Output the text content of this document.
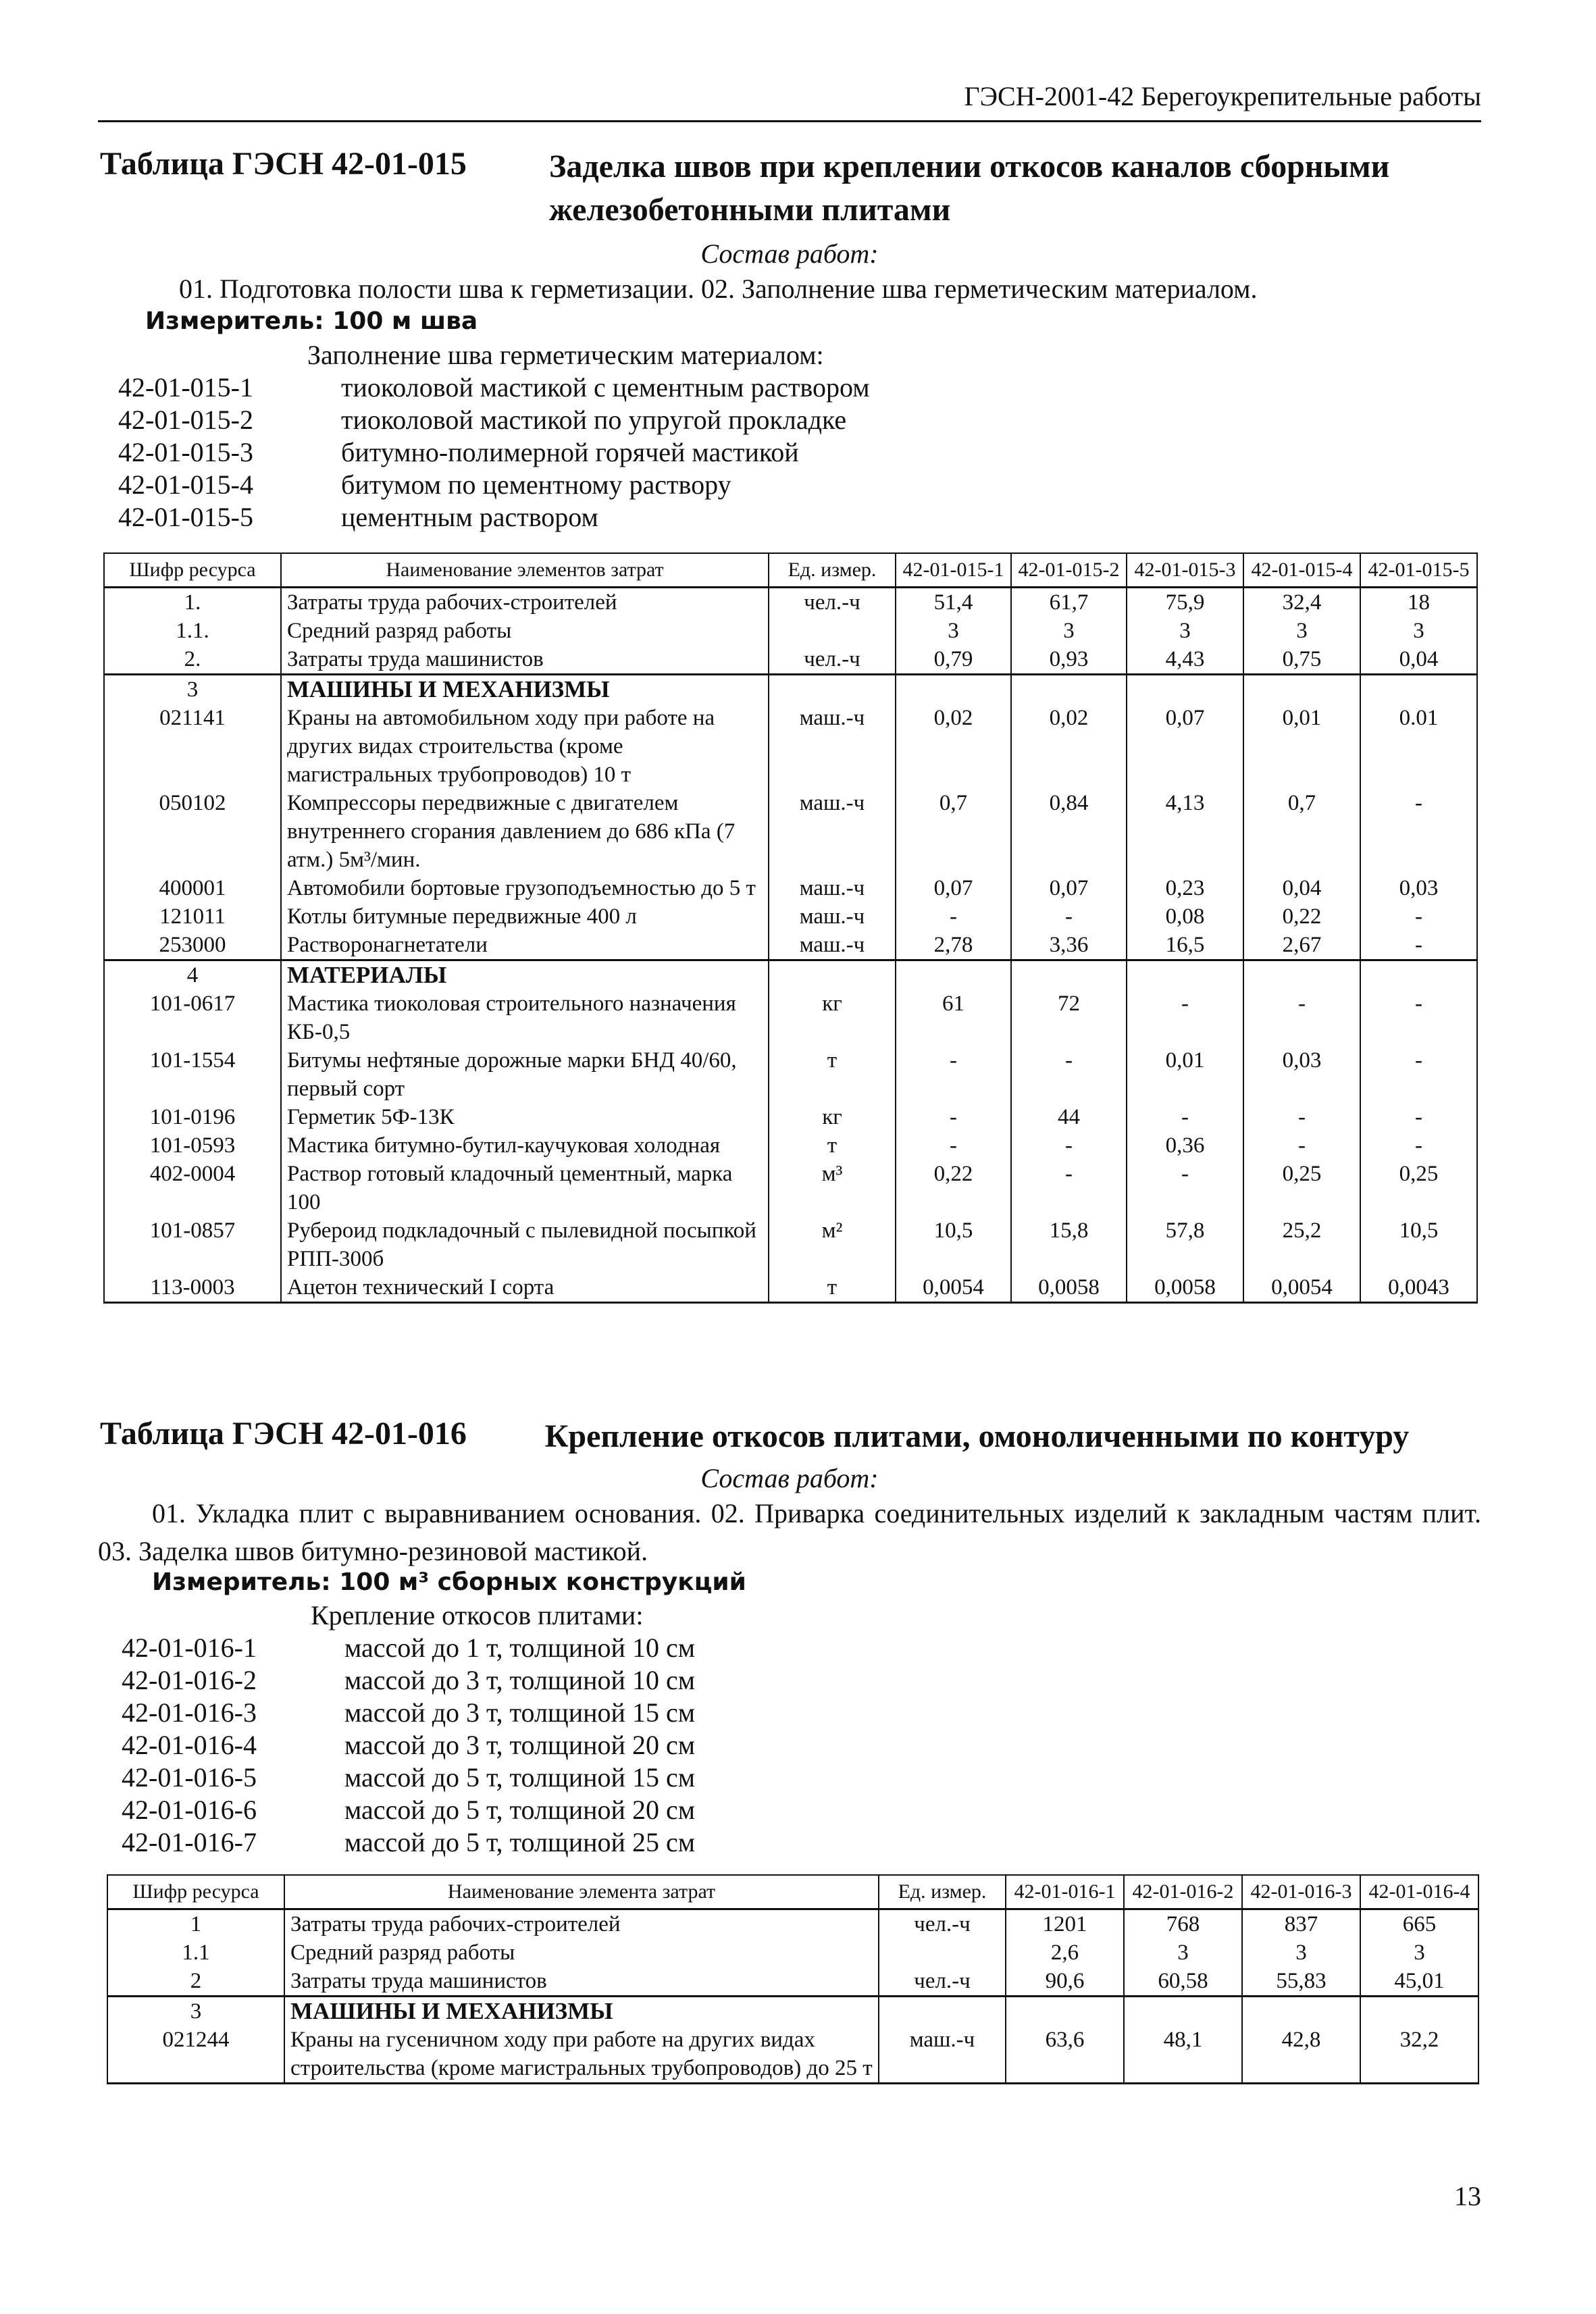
ГЭСН-2001-42 Берегоукрепительные работы
Таблица ГЭСН 42-01-015	Заделка швов при креплении откосов каналов сборными железобетонными плитами
Состав работ:
01. Подготовка полости шва к герметизации. 02. Заполнение шва герметическим материалом.
Измеритель: 100 м шва
Заполнение шва герметическим материалом:
42-01-015-1	тиоколовой мастикой с цементным раствором
42-01-015-2	тиоколовой мастикой по упругой прокладке
42-01-015-3	битумно-полимерной горячей мастикой
42-01-015-4	битумом по цементному раствору
42-01-015-5	цементным раствором
Шифр ресурса	Наименование элементов затрат	Ед. измер.	42-01-015-1	42-01-015-2	42-01-015-3	42-01-015-4	42-01-015-5
1.	Затраты труда рабочих-строителей	чел.-ч	51,4	61,7	75,9	32,4	18
1.1.	Средний разряд работы		3	3	3	3	3
2.	Затраты труда машинистов	чел.-ч	0,79	0,93	4,43	0,75	0,04
3	МАШИНЫ И МЕХАНИЗМЫ						
021141	Краны на автомобильном ходу при работе на других видах строительства (кроме магистральных трубопроводов) 10 т	маш.-ч	0,02	0,02	0,07	0,01	0.01
050102	Компрессоры передвижные с двигателем внутреннего сгорания давлением до 686 кПа (7 атм.) 5м³/мин.	маш.-ч	0,7	0,84	4,13	0,7	-
400001	Автомобили бортовые грузоподъемностью до 5 т	маш.-ч	0,07	0,07	0,23	0,04	0,03
121011	Котлы битумные передвижные 400 л	маш.-ч	-	-	0,08	0,22	-
253000	Растворонагнетатели	маш.-ч	2,78	3,36	16,5	2,67	-
4	МАТЕРИАЛЫ						
101-0617	Мастика тиоколовая строительного назначения КБ-0,5	кг	61	72	-	-	-
101-1554	Битумы нефтяные дорожные марки БНД 40/60, первый сорт	т	-	-	0,01	0,03	-
101-0196	Герметик 5Ф-13К	кг	-	44	-	-	-
101-0593	Мастика битумно-бутил-каучуковая холодная	т	-	-	0,36	-	-
402-0004	Раствор готовый кладочный цементный, марка 100	м³	0,22	-	-	0,25	0,25
101-0857	Рубероид подкладочный с пылевидной посыпкой РПП-300б	м²	10,5	15,8	57,8	25,2	10,5
113-0003	Ацетон технический I сорта	т	0,0054	0,0058	0,0058	0,0054	0,0043
Таблица ГЭСН 42-01-016	Крепление откосов плитами, омоноличенными по контуру
Состав работ:
01. Укладка плит с выравниванием основания. 02. Приварка соединительных изделий к закладным частям плит. 03. Заделка швов битумно-резиновой мастикой.
Измеритель: 100 м³ сборных конструкций
Крепление откосов плитами:
42-01-016-1	массой до 1 т, толщиной 10 см
42-01-016-2	массой до 3 т, толщиной 10 см
42-01-016-3	массой до 3 т, толщиной 15 см
42-01-016-4	массой до 3 т, толщиной 20 см
42-01-016-5	массой до 5 т, толщиной 15 см
42-01-016-6	массой до 5 т, толщиной 20 см
42-01-016-7	массой до 5 т, толщиной 25 см
Шифр ресурса	Наименование элемента затрат	Ед. измер.	42-01-016-1	42-01-016-2	42-01-016-3	42-01-016-4
1	Затраты труда рабочих-строителей	чел.-ч	1201	768	837	665
1.1	Средний разряд работы		2,6	3	3	3
2	Затраты труда машинистов	чел.-ч	90,6	60,58	55,83	45,01
3	МАШИНЫ И МЕХАНИЗМЫ					
021244	Краны на гусеничном ходу при работе на других видах строительства (кроме магистральных трубопроводов) до 25 т	маш.-ч	63,6	48,1	42,8	32,2
13
